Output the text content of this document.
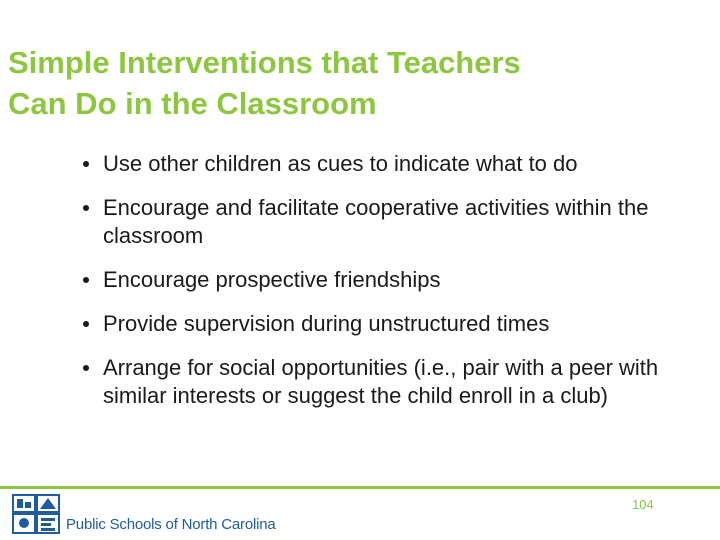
Simple Interventions that Teachers
Can Do in the Classroom
Use other children as cues to indicate what to do
Encourage and facilitate cooperative activities within the classroom
Encourage prospective friendships
Provide supervision during unstructured times
Arrange for social opportunities (i.e., pair with a peer with similar interests or suggest the child enroll in a club)
Public Schools of North Carolina
104
